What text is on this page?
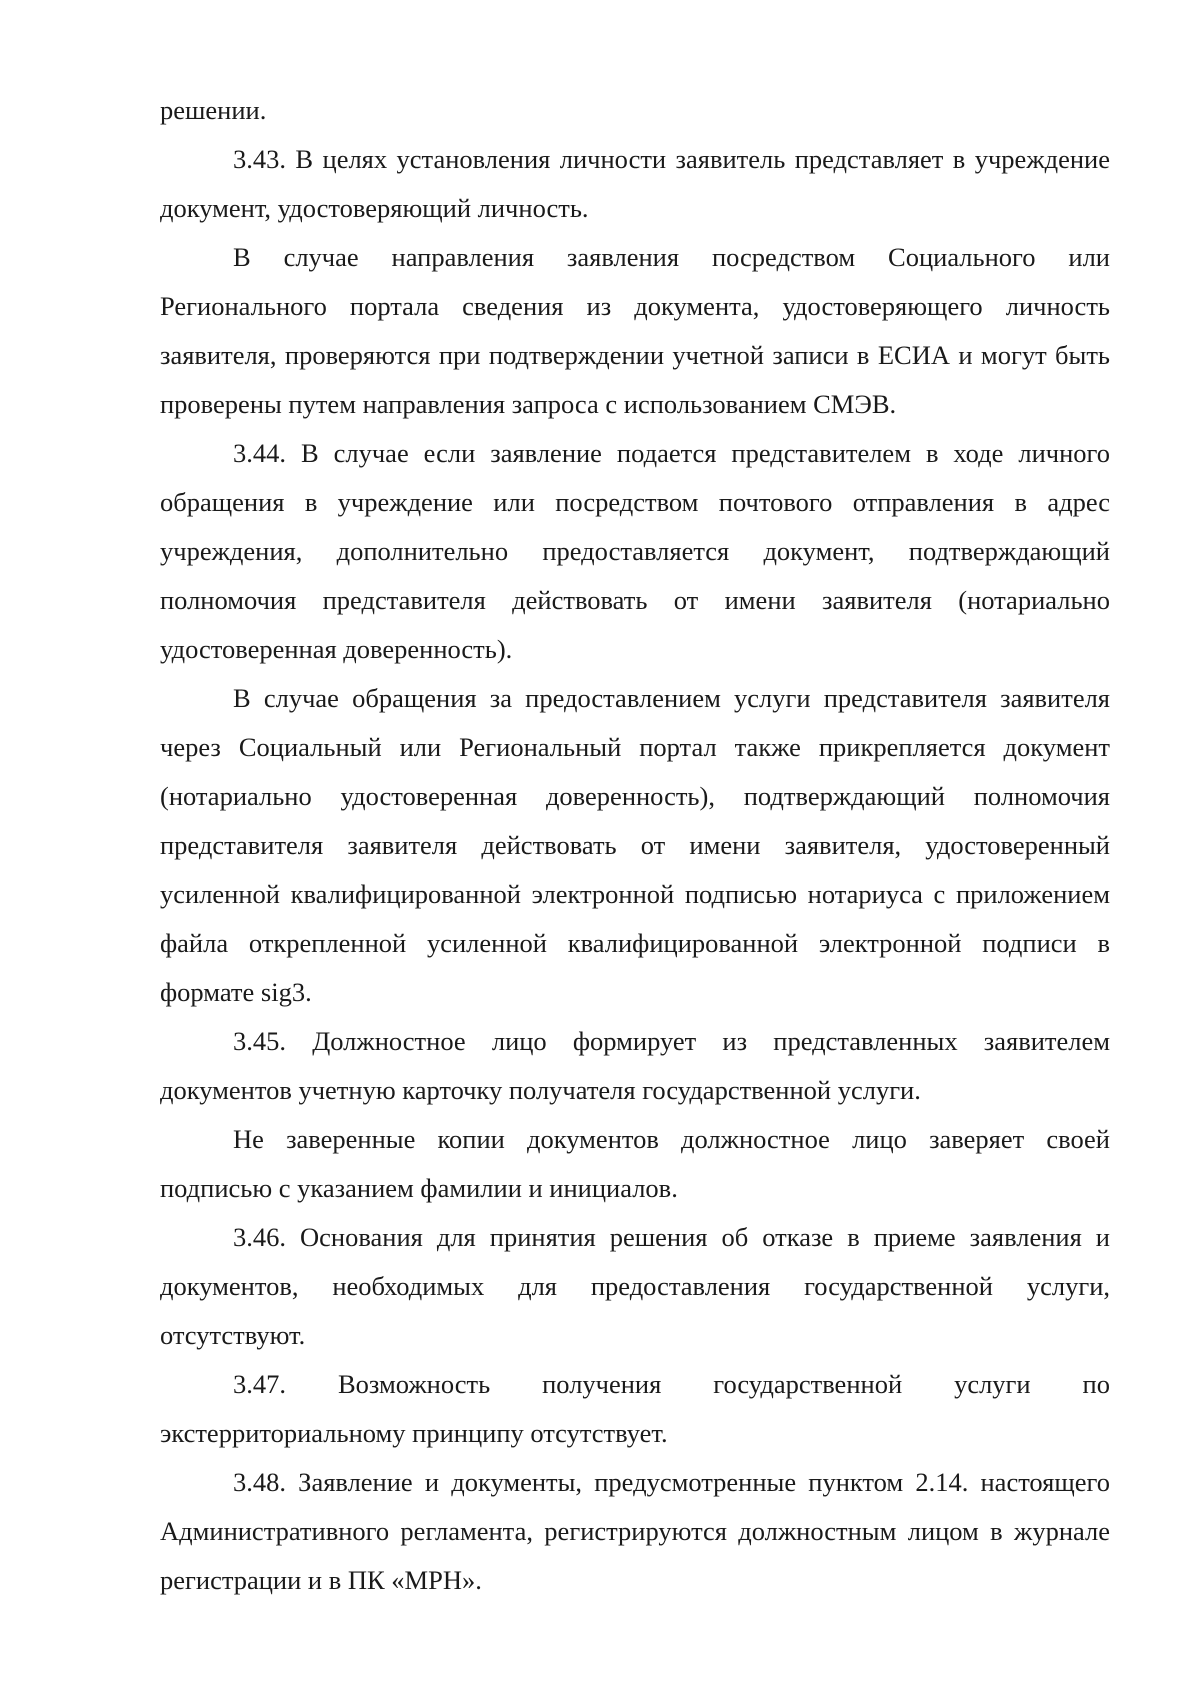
решении.

3.43. В целях установления личности заявитель представляет в учреждение документ, удостоверяющий личность.

В случае направления заявления посредством Социального или Регионального портала сведения из документа, удостоверяющего личность заявителя, проверяются при подтверждении учетной записи в ЕСИА и могут быть проверены путем направления запроса с использованием СМЭВ.

3.44. В случае если заявление подается представителем в ходе личного обращения в учреждение или посредством почтового отправления в адрес учреждения, дополнительно предоставляется документ, подтверждающий полномочия представителя действовать от имени заявителя (нотариально удостоверенная доверенность).

В случае обращения за предоставлением услуги представителя заявителя через Социальный или Региональный портал также прикрепляется документ (нотариально удостоверенная доверенность), подтверждающий полномочия представителя заявителя действовать от имени заявителя, удостоверенный усиленной квалифицированной электронной подписью нотариуса с приложением файла открепленной усиленной квалифицированной электронной подписи в формате sig3.

3.45. Должностное лицо формирует из представленных заявителем документов учетную карточку получателя государственной услуги.

Не заверенные копии документов должностное лицо заверяет своей подписью с указанием фамилии и инициалов.

3.46. Основания для принятия решения об отказе в приеме заявления и документов, необходимых для предоставления государственной услуги, отсутствуют.

3.47. Возможность получения государственной услуги по экстерриториальному принципу отсутствует.

3.48. Заявление и документы, предусмотренные пунктом 2.14. настоящего Административного регламента, регистрируются должностным лицом в журнале регистрации и в ПК «МРН».
